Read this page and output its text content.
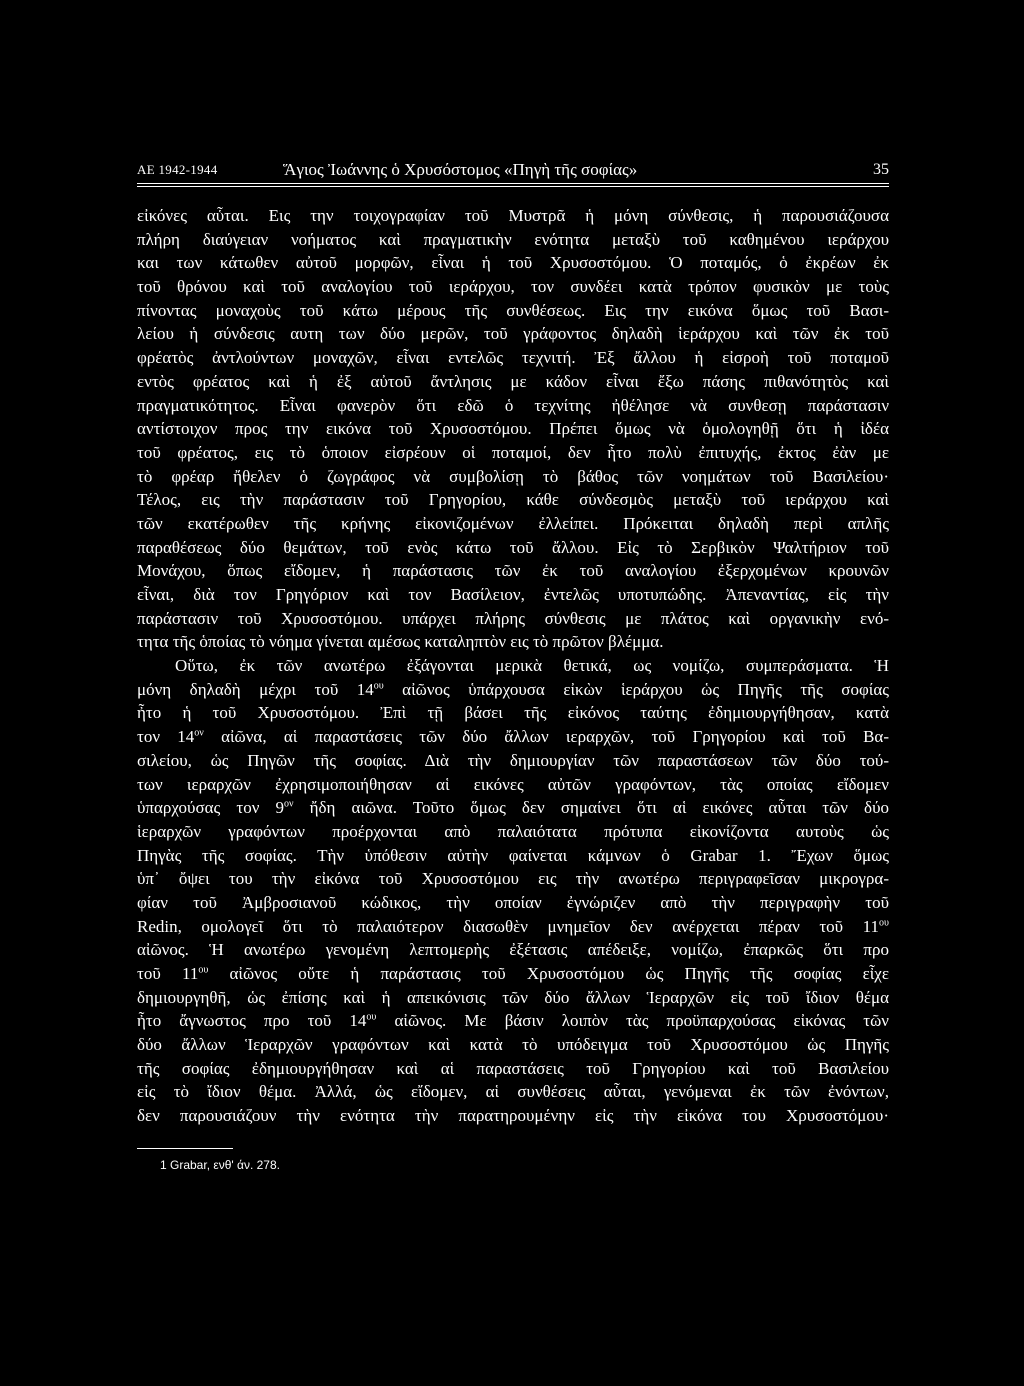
ΑΕ 1942-1944	Ἅγιος Ἰωάννης ὁ Χρυσόστομος «Πηγὴ τῆς σοφίας»	35
εἰκόνες αὗται. Εις την τοιχογραφίαν τοῦ Μυστρᾶ ἡ μόνη σύνθεσις, ἡ παρουσιάζουσα
πλήρη διαύγειαν νοήματος καὶ πραγματικὴν ενότητα μεταξὺ τοῦ καθημένου ιεράρχου
και των κάτωθεν αὐτοῦ μορφῶν, εἶναι ἡ τοῦ Χρυσοστόμου. Ὁ ποταμός, ὁ ἐκρέων ἐκ
τοῦ θρόνου καὶ τοῦ αναλογίου τοῦ ιεράρχου, τον συνδέει κατὰ τρόπον φυσικὸν με τοὺς
πίνοντας μοναχοὺς τοῦ κάτω μέρους τῆς συνθέσεως. Εις την εικόνα ὅμως τοῦ Βασι-
λείου ἡ σύνδεσις αυτη των δύο μερῶν, τοῦ γράφοντος δηλαδὴ ἱεράρχου καὶ τῶν ἐκ τοῦ
φρέατὸς ἀντλούντων μοναχῶν, εἶναι εντελῶς τεχνιτή. Ἐξ ἄλλου ἡ εἰσροὴ τοῦ ποταμοῦ
εντὸς φρέατος καὶ ἡ ἐξ αὐτοῦ ἄντλησις με κάδον εἶναι ἔξω πάσης πιθανότητὸς καὶ
πραγματικότητος. Εἶναι φανερὸν ὅτι εδῶ ὁ τεχνίτης ἠθέλησε νὰ συνθεσῃ παράστασιν
αντίστοιχον προς την εικόνα τοῦ Χρυσοστόμου. Πρέπει ὅμως νὰ ὁμολογηθῇ ὅτι ἡ ἰδέα
τοῦ φρέατος, εις τὸ ὁποιον εἰσρέουν οἱ ποταμοί, δεν ἦτο πολὺ ἐπιτυχής, ἐκτος ἐὰν με
τὸ φρέαρ ἤθελεν ὁ ζωγράφος νὰ συμβολίσῃ τὸ βάθος τῶν νοημάτων τοῦ Βασιλείου·
Τέλος, εις τὴν παράστασιν τοῦ Γρηγορίου, κάθε σύνδεσμὸς μεταξὺ τοῦ ιεράρχου καὶ
τῶν εκατέρωθεν τῆς κρήνης εἰκονιζομένων ἐλλείπει. Πρόκειται δηλαδὴ περὶ απλῆς
παραθέσεως δύο θεμάτων, τοῦ ενὸς κάτω τοῦ ἄλλου. Εἰς τὸ Σερβικὸν Ψαλτήριον τοῦ
Μονάχου, ὅπως εἴδομεν, ἡ παράστασις τῶν ἐκ τοῦ αναλογίου ἐξερχομένων κρουνῶν
εἶναι, διὰ τον Γρηγόριον καὶ τον Βασίλειον, ἐντελῶς υποτυπώδης. Ἀπεναντίας, εἰς τὴν
παράστασιν τοῦ Χρυσοστόμου. υπάρχει πλήρης σύνθεσις με πλάτος καὶ οργανικὴν ενό-
τητα τῆς ὁποίας τὸ νόημα γίνεται αμέσως καταληπτὸν εις τὸ πρῶτον βλέμμα.
Οὕτω, ἐκ τῶν ανωτέρω ἐξάγονται μερικὰ θετικά, ως νομίζω, συμπεράσματα. Ἡ
μόνη δηλαδὴ μέχρι τοῦ $14^{o\upsilon}$ αἰῶνος ὑπάρχουσα εἰκὼν ἱεράρχου ὡς Πηγῆς τῆς σοφίας
ἦτο ἡ τοῦ Χρυσοστόμου. Ἐπὶ τῇ βάσει τῆς εἰκόνος ταύτης ἐδημιουργήθησαν, κατὰ
τον $14^{o\nu}$ αἰῶνα, αἱ παραστάσεις τῶν δύο ἄλλων ιεραρχῶν, τοῦ Γρηγορίου καὶ τοῦ Βα-
σιλείου, ὡς Πηγῶν τῆς σοφίας. Διὰ τὴν δημιουργίαν τῶν παραστάσεων τῶν δύο τού-
των ιεραρχῶν ἐχρησιμοποιήθησαν αἱ εικόνες αὐτῶν γραφόντων, τὰς οποίας εἴδομεν
ὑπαρχούσας τον $9^{o\nu}$ ἤδη αιῶνα. Τοῦτο ὅμως δεν σημαίνει ὅτι αἱ εικόνες αὗται τῶν δύο
ἱεραρχῶν γραφόντων προέρχονται απὸ παλαιότατα πρότυπα εἰκονίζοντα αυτοὺς ὡς
Πηγὰς τῆς σοφίας. Τὴν ὑπόθεσιν αὐτὴν φαίνεται κάμνων ὁ Grabar 1. Ἔχων ὅμως
ὑπ᾽ ὄψει του τὴν εἰκόνα τοῦ Χρυσοστόμου εις τὴν ανωτέρω περιγραφεῖσαν μικρογρα-
φίαν τοῦ Ἀμβροσιανοῦ κώδικος, τὴν οποίαν ἐγνώριζεν απὸ τὴν περιγραφὴν τοῦ
Redin, ομολογεῖ ὅτι τὸ παλαιότερον διασωθὲν μνημεῖον δεν ανέρχεται πέραν τοῦ $11^{o\upsilon}$
αἰῶνος. Ἡ ανωτέρω γενομένη λεπτομερὴς ἐξέτασις απέδειξε, νομίζω, ἐπαρκῶς ὅτι προ
τοῦ $11^{o\upsilon}$ αἰῶνος οὔτε ἡ παράστασις τοῦ Χρυσοστόμου ὡς Πηγῆς τῆς σοφίας εἶχε
δημιουργηθῆ, ὡς ἐπίσης καὶ ἡ απεικόνισις τῶν δύο ἄλλων Ἱεραρχῶν εἰς τοῦ ἴδιον θέμα
ἦτο ἄγνωστος προ τοῦ $14^{o\upsilon}$ αἰῶνος. Με βάσιν λοιπὸν τὰς προϋπαρχούσας εἰκόνας τῶν
δύο ἄλλων Ἱεραρχῶν γραφόντων καὶ κατὰ τὸ υπόδειγμα τοῦ Χρυσοστόμου ὡς Πηγῆς
τῆς σοφίας ἐδημιουργήθησαν καὶ αἱ παραστάσεις τοῦ Γρηγορίου καὶ τοῦ Βασιλείου
εἰς τὸ ἴδιον θέμα. Ἀλλά, ὡς εἴδομεν, αἱ συνθέσεις αὗται, γενόμεναι ἐκ τῶν ἐνόντων,
δεν παρουσιάζουν τὴν ενότητα τὴν παρατηρουμένην εἰς τὴν εἰκόνα του Χρυσοστόμου·
1 Grabar, ενθ' άν. 278.
